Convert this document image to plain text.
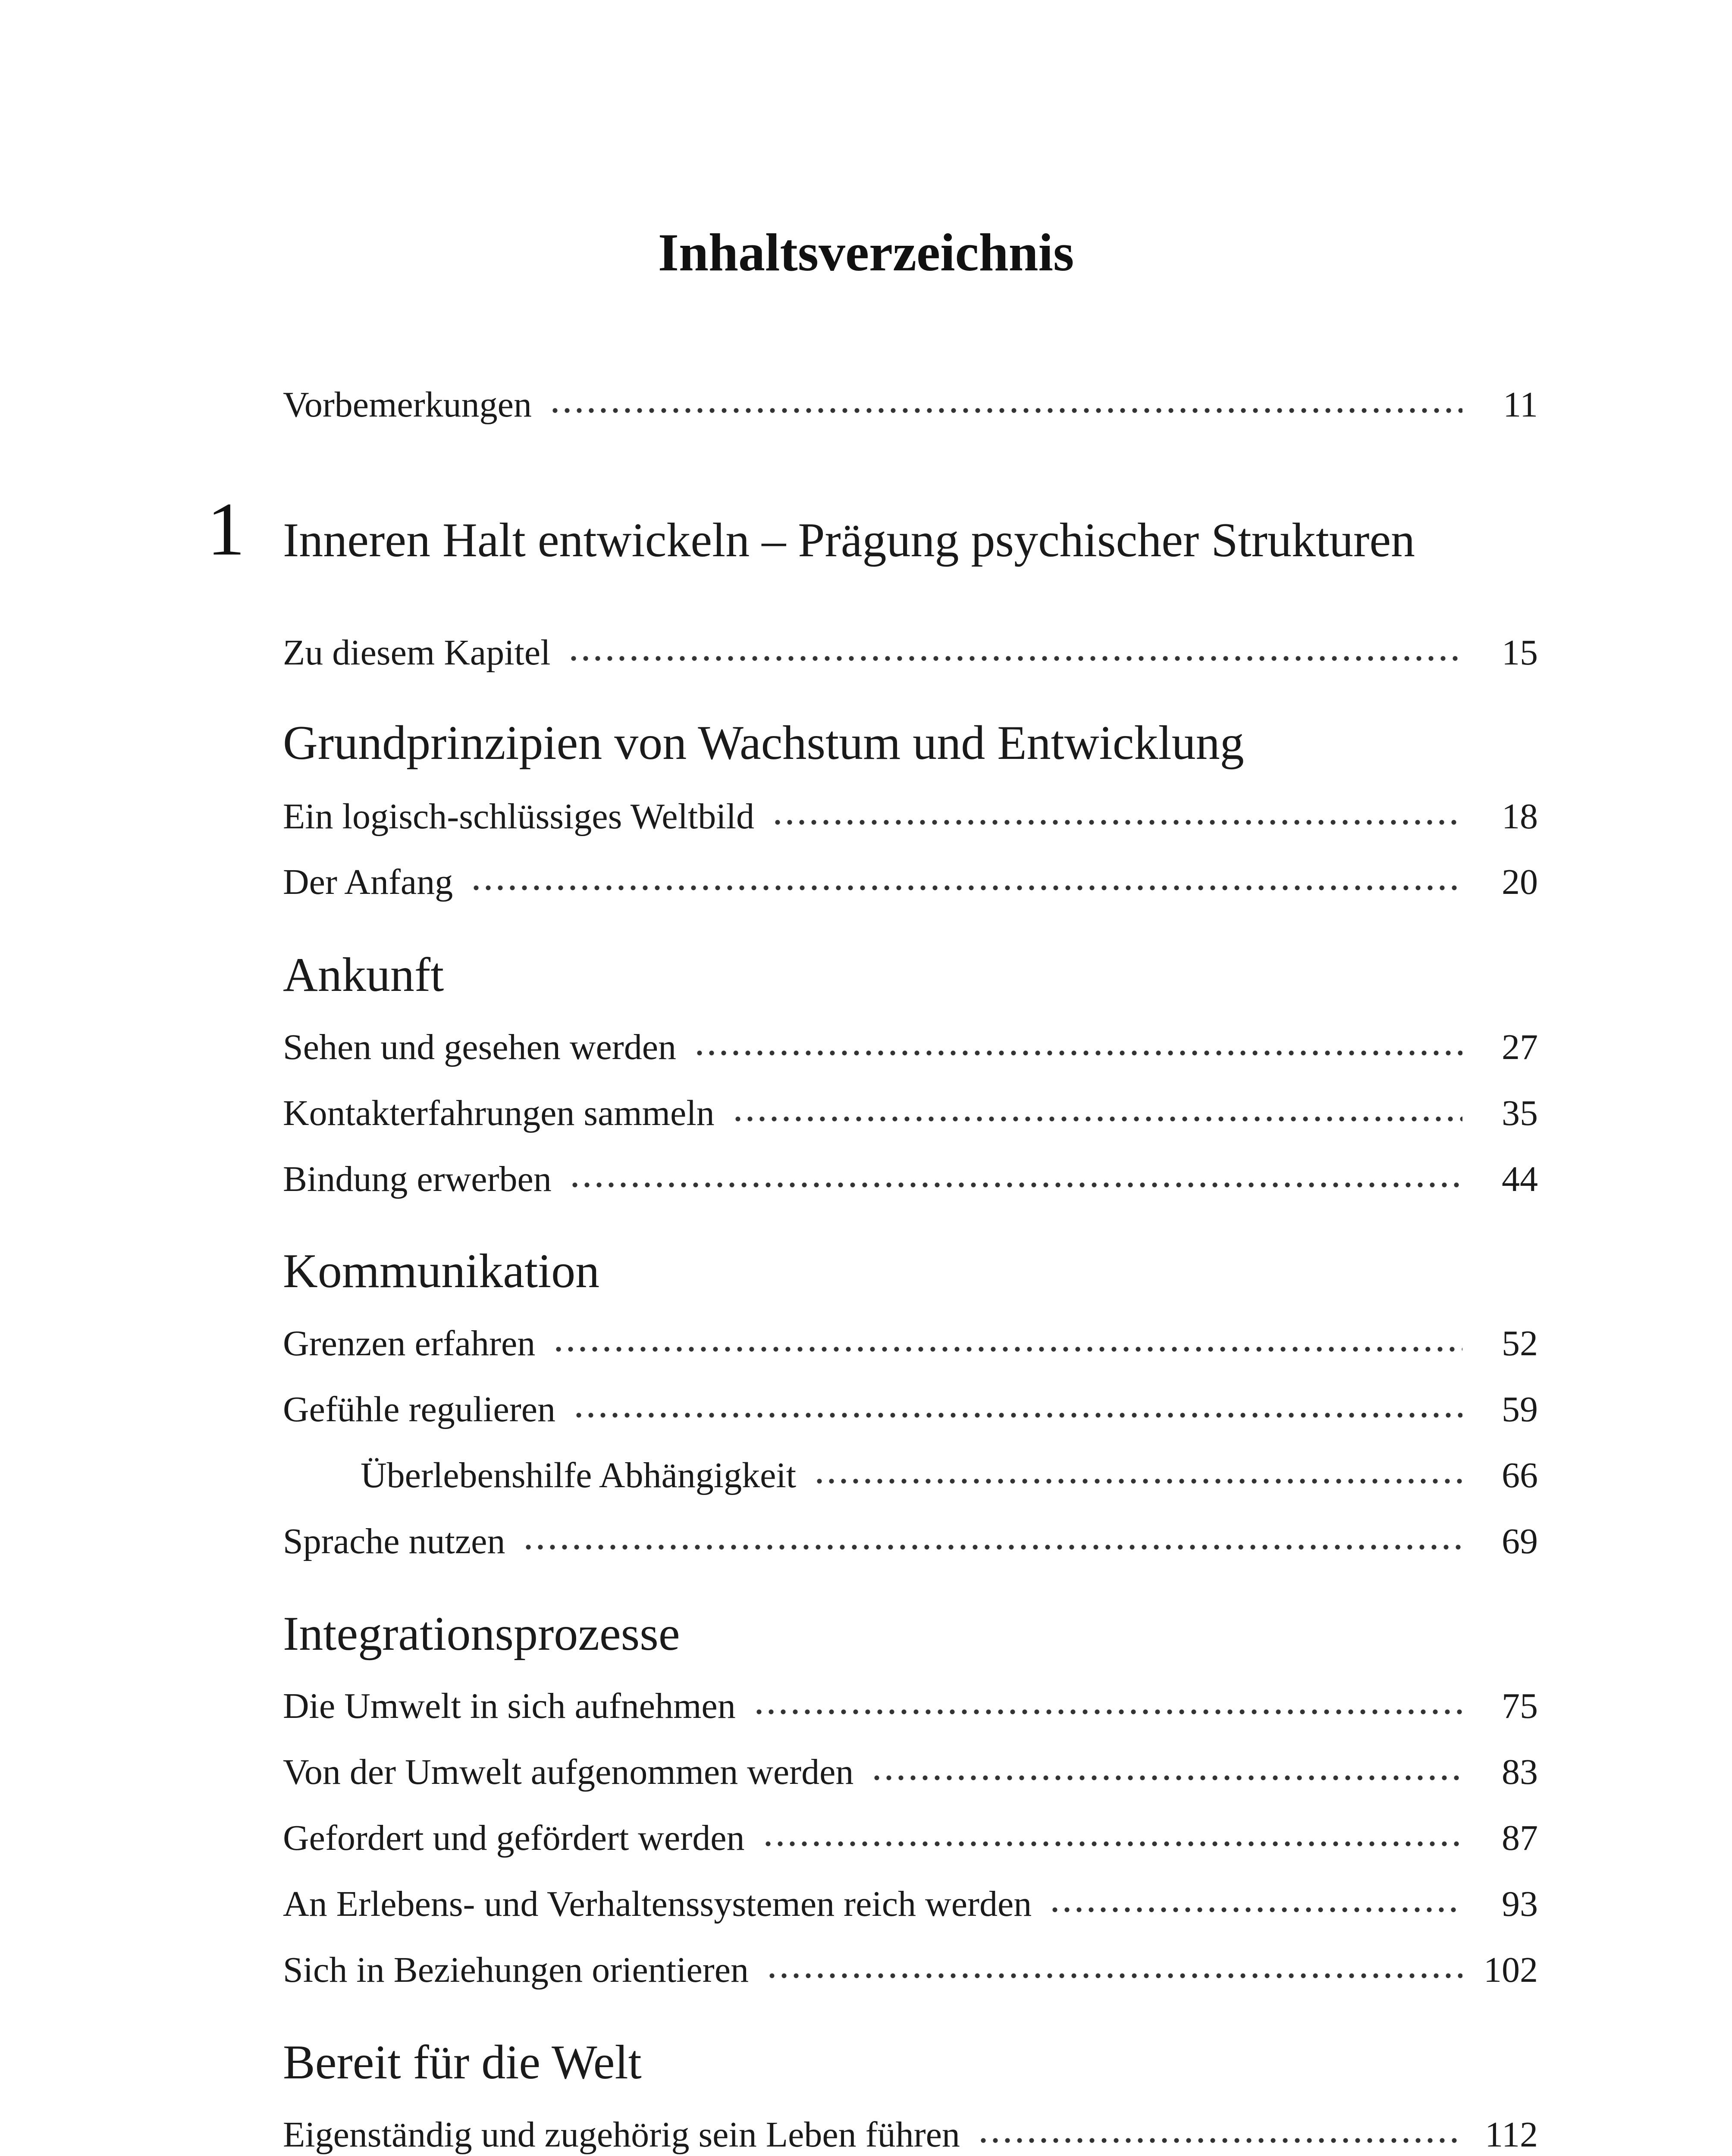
Inhaltsverzeichnis
Vorbemerkungen	11
1 Inneren Halt entwickeln – Prägung psychischer Strukturen
Zu diesem Kapitel	15
Grundprinzipien von Wachstum und Entwicklung
Ein logisch-schlüssiges Weltbild	18
Der Anfang	20
Ankunft
Sehen und gesehen werden	27
Kontakterfahrungen sammeln	35
Bindung erwerben	44
Kommunikation
Grenzen erfahren	52
Gefühle regulieren	59
Überlebenshilfe Abhängigkeit	66
Sprache nutzen	69
Integrationsprozesse
Die Umwelt in sich aufnehmen	75
Von der Umwelt aufgenommen werden	83
Gefordert und gefördert werden	87
An Erlebens- und Verhaltenssystemen reich werden	93
Sich in Beziehungen orientieren	102
Bereit für die Welt
Eigenständig und zugehörig sein Leben führen	112
